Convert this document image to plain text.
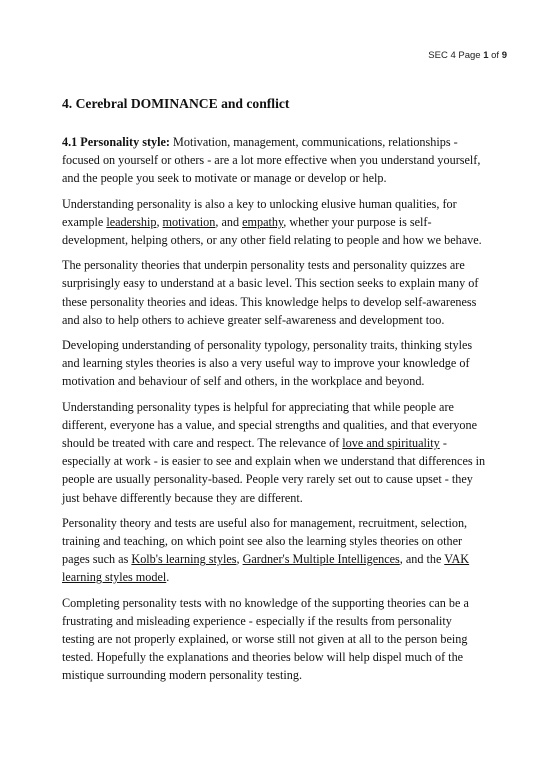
SEC 4 Page 1 of 9
4. Cerebral DOMINANCE and conflict

4.1 Personality style: Motivation, management, communications, relationships - focused on yourself or others - are a lot more effective when you understand yourself, and the people you seek to motivate or manage or develop or help.

Understanding personality is also a key to unlocking elusive human qualities, for example leadership, motivation, and empathy, whether your purpose is self-development, helping others, or any other field relating to people and how we behave.

The personality theories that underpin personality tests and personality quizzes are surprisingly easy to understand at a basic level. This section seeks to explain many of these personality theories and ideas. This knowledge helps to develop self-awareness and also to help others to achieve greater self-awareness and development too.

Developing understanding of personality typology, personality traits, thinking styles and learning styles theories is also a very useful way to improve your knowledge of motivation and behaviour of self and others, in the workplace and beyond.

Understanding personality types is helpful for appreciating that while people are different, everyone has a value, and special strengths and qualities, and that everyone should be treated with care and respect. The relevance of love and spirituality - especially at work - is easier to see and explain when we understand that differences in people are usually personality-based. People very rarely set out to cause upset - they just behave differently because they are different.

Personality theory and tests are useful also for management, recruitment, selection, training and teaching, on which point see also the learning styles theories on other pages such as Kolb's learning styles, Gardner's Multiple Intelligences, and the VAK learning styles model.

Completing personality tests with no knowledge of the supporting theories can be a frustrating and misleading experience - especially if the results from personality testing are not properly explained, or worse still not given at all to the person being tested. Hopefully the explanations and theories below will help dispel much of the mistique surrounding modern personality testing.
